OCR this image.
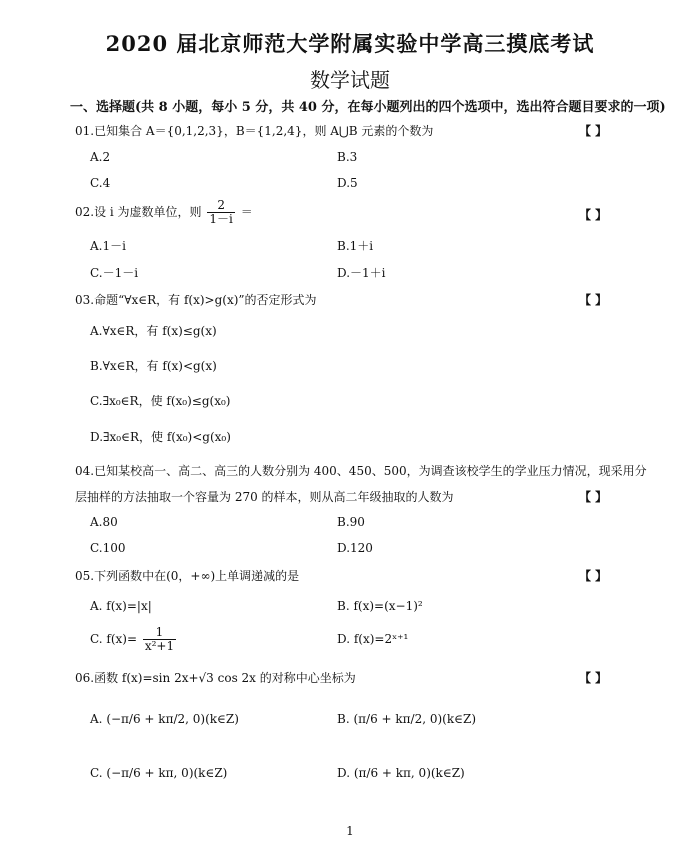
2020 届北京师范大学附属实验中学高三摸底考试
数学试题
一、选择题(共 8 小题，每小 5 分，共 40 分，在每小题列出的四个选项中，选出符合题目要求的一项)
01.已知集合 A＝{0,1,2,3}，B＝{1,2,4}，则 A⋃B 元素的个数为	【 】
A.2	B.3
C.4	D.5
02.设 i 为虚数单位，则 $\frac{2}{1-i}$ ＝	【 】
A.1－i	B.1＋i
C.－1－i	D.－1＋i
03.命题“∀x∈R，有 f(x)>g(x)”的否定形式为	【 】
A.∀x∈R，有 f(x)≤g(x)
B.∀x∈R，有 f(x)<g(x)
C.∃x₀∈R，使 f(x₀)≤g(x₀)
D.∃x₀∈R，使 f(x₀)<g(x₀)
04.已知某校高一、高二、高三的人数分别为 400、450、500，为调查该校学生的学业压力情况，现采用分
层抽样的方法抽取一个容量为 270 的样本，则从高二年级抽取的人数为	【 】
A.80	B.90
C.100	D.120
05.下列函数中在(0，+∞)上单调递减的是	【 】
A. f(x)=|x|	B. f(x)=(x−1)²
C. $f(x)= \frac{1}{\text{x²+1}}$	D. f(x)=2ˣ⁺¹
06.函数 f(x)=sin 2x+√3 cos 2x 的对称中心坐标为	【 】
A. (−π/6 + kπ/2, 0)(k∈Z)	B. (π/6 + kπ/2, 0)(k∈Z)
C. (−π/6 + kπ, 0)(k∈Z)	D. (π/6 + kπ, 0)(k∈Z)
1
